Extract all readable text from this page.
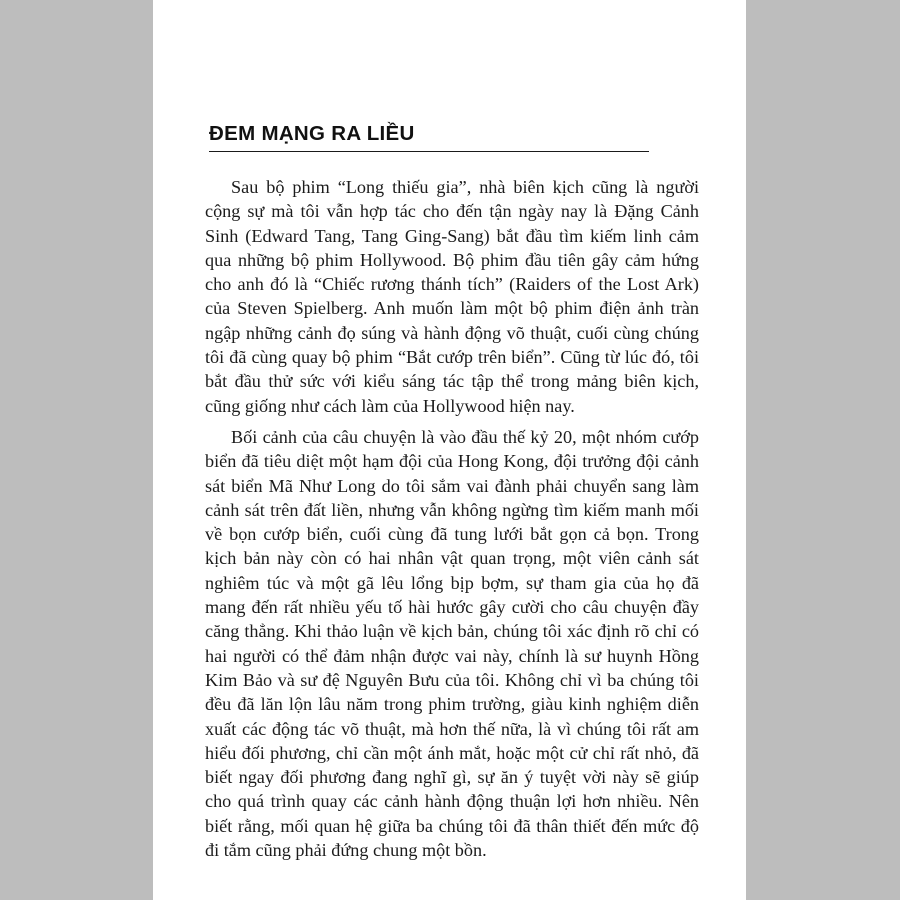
ĐEM MẠNG RA LIỀU

Sau bộ phim “Long thiếu gia”, nhà biên kịch cũng là người cộng sự mà tôi vẫn hợp tác cho đến tận ngày nay là Đặng Cảnh Sinh (Edward Tang, Tang Ging-Sang) bắt đầu tìm kiếm linh cảm qua những bộ phim Hollywood. Bộ phim đầu tiên gây cảm hứng cho anh đó là “Chiếc rương thánh tích” (Raiders of the Lost Ark) của Steven Spielberg. Anh muốn làm một bộ phim điện ảnh tràn ngập những cảnh đọ súng và hành động võ thuật, cuối cùng chúng tôi đã cùng quay bộ phim “Bắt cướp trên biển”. Cũng từ lúc đó, tôi bắt đầu thử sức với kiểu sáng tác tập thể trong mảng biên kịch, cũng giống như cách làm của Hollywood hiện nay.

Bối cảnh của câu chuyện là vào đầu thế kỷ 20, một nhóm cướp biển đã tiêu diệt một hạm đội của Hong Kong, đội trưởng đội cảnh sát biển Mã Như Long do tôi sắm vai đành phải chuyển sang làm cảnh sát trên đất liền, nhưng vẫn không ngừng tìm kiếm manh mối về bọn cướp biển, cuối cùng đã tung lưới bắt gọn cả bọn. Trong kịch bản này còn có hai nhân vật quan trọng, một viên cảnh sát nghiêm túc và một gã lêu lổng bịp bợm, sự tham gia của họ đã mang đến rất nhiều yếu tố hài hước gây cười cho câu chuyện đầy căng thẳng. Khi thảo luận về kịch bản, chúng tôi xác định rõ chỉ có hai người có thể đảm nhận được vai này, chính là sư huynh Hồng Kim Bảo và sư đệ Nguyên Bưu của tôi. Không chỉ vì ba chúng tôi đều đã lăn lộn lâu năm trong phim trường, giàu kinh nghiệm diễn xuất các động tác võ thuật, mà hơn thế nữa, là vì chúng tôi rất am hiểu đối phương, chỉ cần một ánh mắt, hoặc một cử chỉ rất nhỏ, đã biết ngay đối phương đang nghĩ gì, sự ăn ý tuyệt vời này sẽ giúp cho quá trình quay các cảnh hành động thuận lợi hơn nhiều. Nên biết rằng, mối quan hệ giữa ba chúng tôi đã thân thiết đến mức độ đi tắm cũng phải đứng chung một bồn.
